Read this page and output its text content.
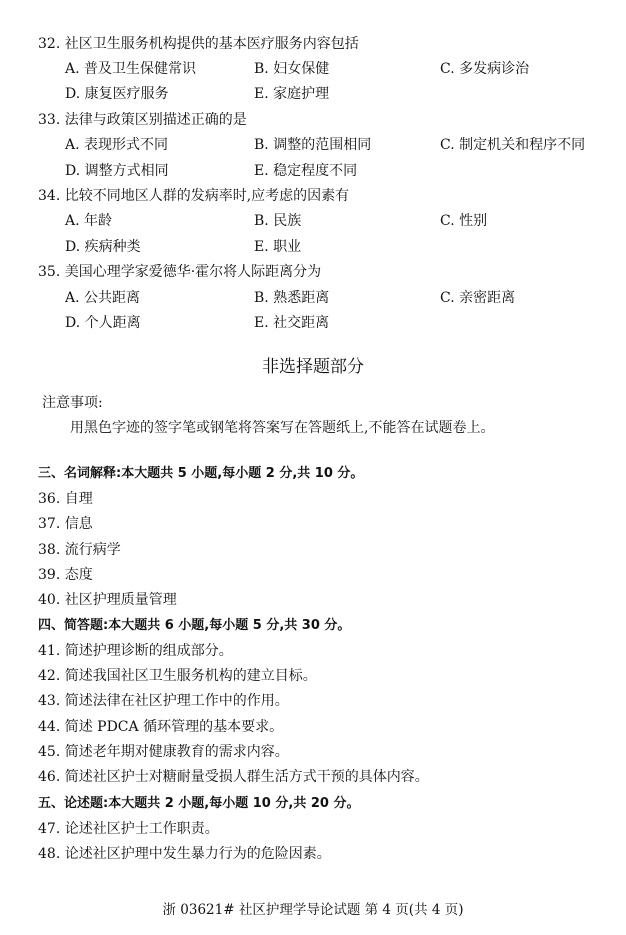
32. 社区卫生服务机构提供的基本医疗服务内容包括
A. 普及卫生保健常识	B. 妇女保健	C. 多发病诊治
D. 康复医疗服务	E. 家庭护理
33. 法律与政策区别描述正确的是
A. 表现形式不同	B. 调整的范围相同	C. 制定机关和程序不同
D. 调整方式相同	E. 稳定程度不同
34. 比较不同地区人群的发病率时,应考虑的因素有
A. 年龄	B. 民族	C. 性别
D. 疾病种类	E. 职业
35. 美国心理学家爱德华·霍尔将人际距离分为
A. 公共距离	B. 熟悉距离	C. 亲密距离
D. 个人距离	E. 社交距离
非选择题部分
注意事项:
用黑色字迹的签字笔或钢笔将答案写在答题纸上,不能答在试题卷上。
三、名词解释:本大题共 5 小题,每小题 2 分,共 10 分。
36. 自理
37. 信息
38. 流行病学
39. 态度
40. 社区护理质量管理
四、简答题:本大题共 6 小题,每小题 5 分,共 30 分。
41. 简述护理诊断的组成部分。
42. 简述我国社区卫生服务机构的建立目标。
43. 简述法律在社区护理工作中的作用。
44. 简述 PDCA 循环管理的基本要求。
45. 简述老年期对健康教育的需求内容。
46. 简述社区护士对糖耐量受损人群生活方式干预的具体内容。
五、论述题:本大题共 2 小题,每小题 10 分,共 20 分。
47. 论述社区护士工作职责。
48. 论述社区护理中发生暴力行为的危险因素。
浙 03621# 社区护理学导论试题 第 4 页(共 4 页)
